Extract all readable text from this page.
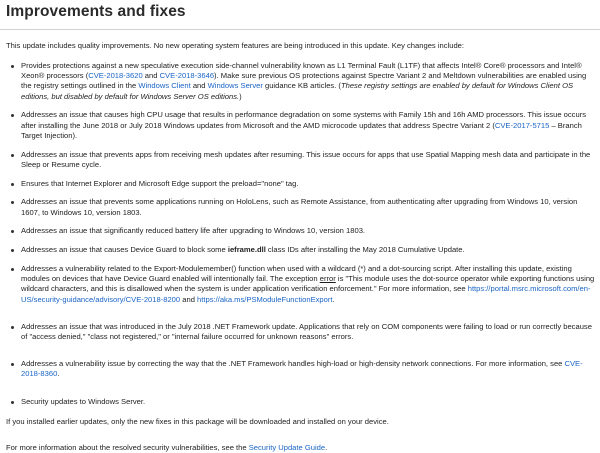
Improvements and fixes

This update includes quality improvements. No new operating system features are being introduced in this update. Key changes include:

Provides protections against a new speculative execution side-channel vulnerability known as L1 Terminal Fault (L1TF) that affects Intel® Core® processors and Intel® Xeon® processors (CVE-2018-3620 and CVE-2018-3646). Make sure previous OS protections against Spectre Variant 2 and Meltdown vulnerabilities are enabled using the registry settings outlined in the Windows Client and Windows Server guidance KB articles. (These registry settings are enabled by default for Windows Client OS editions, but disabled by default for Windows Server OS editions.)
Addresses an issue that causes high CPU usage that results in performance degradation on some systems with Family 15h and 16h AMD processors. This issue occurs after installing the June 2018 or July 2018 Windows updates from Microsoft and the AMD microcode updates that address Spectre Variant 2 (CVE-2017-5715 – Branch Target Injection).
Addresses an issue that prevents apps from receiving mesh updates after resuming. This issue occurs for apps that use Spatial Mapping mesh data and participate in the Sleep or Resume cycle.
Ensures that Internet Explorer and Microsoft Edge support the preload="none" tag.
Addresses an issue that prevents some applications running on HoloLens, such as Remote Assistance, from authenticating after upgrading from Windows 10, version 1607, to Windows 10, version 1803.
Addresses an issue that significantly reduced battery life after upgrading to Windows 10, version 1803.
Addresses an issue that causes Device Guard to block some ieframe.dll class IDs after installing the May 2018 Cumulative Update.
Addresses a vulnerability related to the Export-Modulemember() function when used with a wildcard (*) and a dot-sourcing script. After installing this update, existing modules on devices that have Device Guard enabled will intentionally fail. The exception error is "This module uses the dot-source operator while exporting functions using wildcard characters, and this is disallowed when the system is under application verification enforcement." For more information, see https://portal.msrc.microsoft.com/en-US/security-guidance/advisory/CVE-2018-8200 and https://aka.ms/PSModuleFunctionExport.
Addresses an issue that was introduced in the July 2018 .NET Framework update. Applications that rely on COM components were failing to load or run correctly because of "access denied," "class not registered," or "internal failure occurred for unknown reasons" errors.
Addresses a vulnerability issue by correcting the way that the .NET Framework handles high-load or high-density network connections. For more information, see CVE-2018-8360.
Security updates to Windows Server.

If you installed earlier updates, only the new fixes in this package will be downloaded and installed on your device.

For more information about the resolved security vulnerabilities, see the Security Update Guide.
